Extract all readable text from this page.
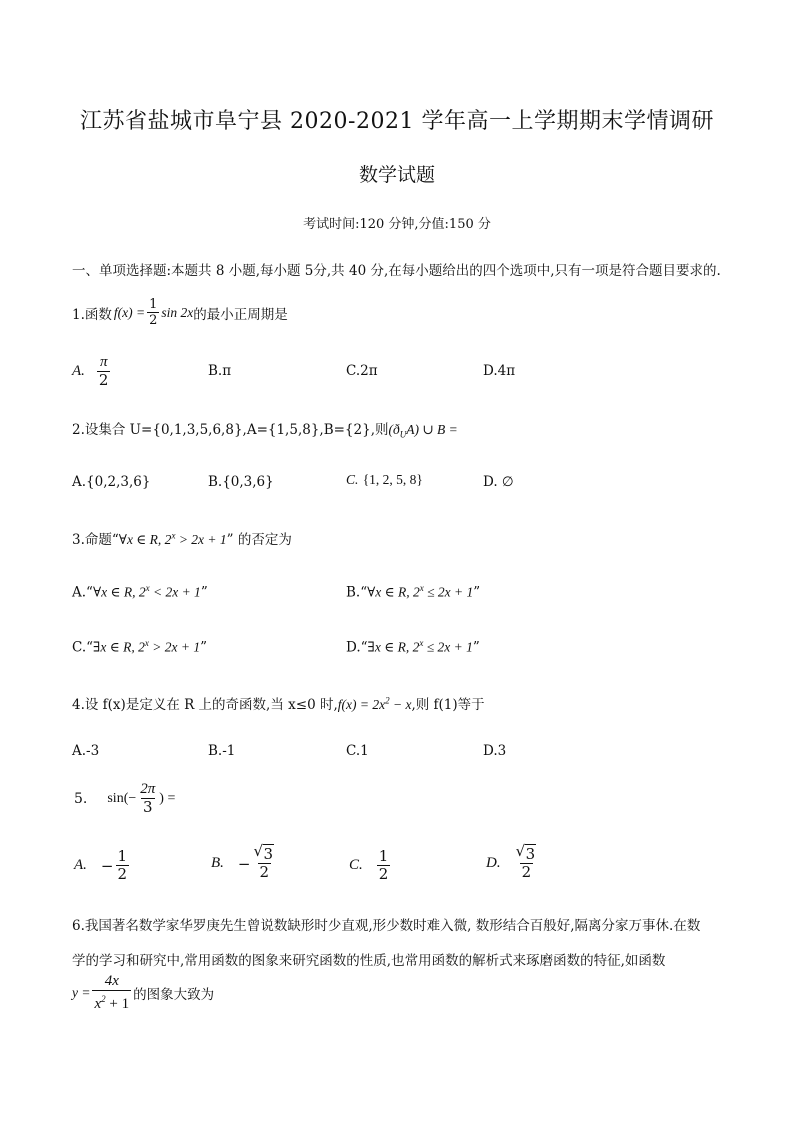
江苏省盐城市阜宁县 2020-2021 学年高一上学期期末学情调研
数学试题
考试时间:120 分钟,分值:150 分
一、单项选择题:本题共 8 小题,每小题 5分,共 40 分,在每小题给出的四个选项中,只有一项是符合题目要求的.
1.函数 $f(x) = \frac{1}{2}$ sin 2x 的最小正周期是
A. $\frac{\pi}{2}$	B.π	C.2π	D.4π
2.设集合 U={0,1,3,5,6,8},A={1,5,8},B={2},则$(ð_UA)$ ∪ B =
A.{0,2,3,6}	B.{0,3,6}	C. {1, 2, 5, 8}	D. ∅
3.命题“∀x ∈ R, $2^x > 2x + 1$” 的否定为
A.“∀x ∈ R, $2^x < 2x + 1$”	B.“∀x ∈ R, $2^x \le 2x + 1$”
C.“∃x ∈ R, $2^x > 2x + 1$”	D.“∃x ∈ R, $2^x \le 2x + 1$”
4.设 f(x)是定义在 R 上的奇函数,当 x≤0 时$,f(x) = 2x^2 - x$,则 f(1)等于
A.-3	B.-1	C.1	D.3
5. $\sin(- \frac{2\pi}{3}$ ) =
A. − $\frac{1}{2}$	B. − √ $\frac{3}{2}$	C. $\frac{1}{2}$	D. √ $\frac{3}{2}$
6.我国著名数学家华罗庚先生曾说数缺形时少直观,形少数时难入微, 数形结合百般好,隔离分家万事休.在数
学的学习和研究中,常用函数的图象来研究函数的性质,也常用函数的解析式来琢磨函数的特征,如函数
$y = \frac{4x}{x^2 + 1}$ 的图象大致为
